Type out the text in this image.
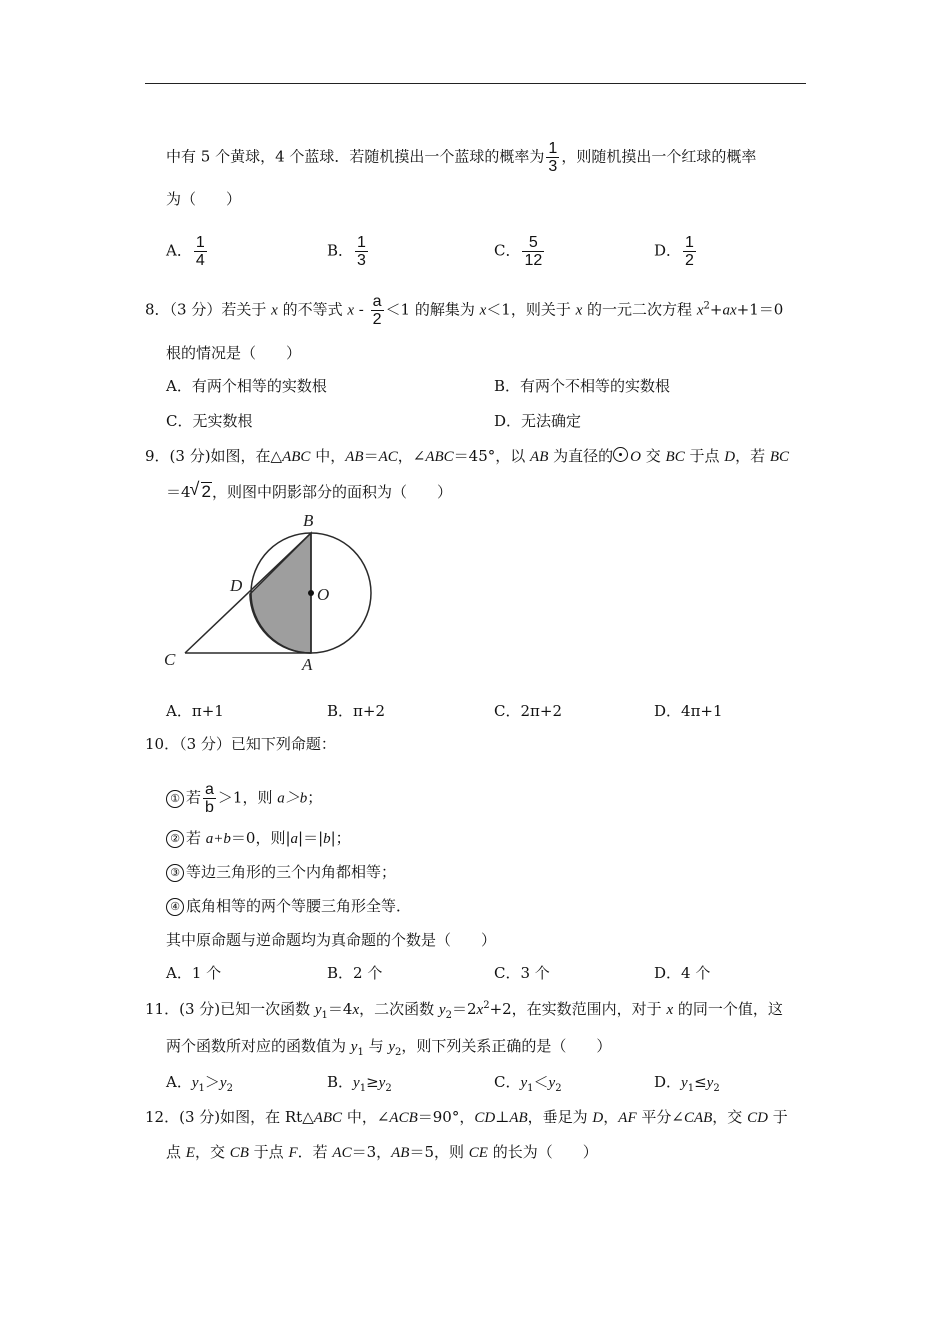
中有 5 个黄球，4 个蓝球．若随机摸出一个蓝球的概率为 $\frac{1}{3}$ ，则随机摸出一个红球的概率
为（　　）
A． $\frac{1}{4}$	B． $\frac{1}{3}$	C． $\frac{5}{12}$	D． $\frac{1}{2}$
8．（3 分）若关于 x 的不等式 $x - \frac{a}{2} <1$ 的解集为 x＜1，则关于 x 的一元二次方程 $x^2+ax+1=0$
根的情况是（　　）
A．有两个相等的实数根	B．有两个不相等的实数根
C．无实数根	D．无法确定
9．(3 分)如图，在△ABC 中，AB＝AC，∠ABC＝45°，以 AB 为直径的 O 交 BC 于点 D，若 BC
＝4√ 2，则图中阴影部分的面积为（　　）
B
D	O
C	A
A．π+1	B．π+2	C．2π+2	D．4π+1
10．（3 分）已知下列命题：
① 若 $\frac{a}{b} >1$，则 a＞b；
② 若 a+b＝0，则|a|＝|b|；
③ 等边三角形的三个内角都相等；
④ 底角相等的两个等腰三角形全等．
其中原命题与逆命题均为真命题的个数是（　　）
A．1 个	B．2 个	C．3 个	D．4 个
11．(3 分)已知一次函数 $y_1=4x$，二次函数 $y_2=2x^2+2$，在实数范围内，对于 x 的同一个值，这
两个函数所对应的函数值为 $y_1$ 与 $y_2$，则下列关系正确的是（　　）
A．$y_1>y_2$	B．$y_1\ge y_2$	C．$y_1<y_2$	D．$y_1\le y_2$
12．(3 分)如图，在 Rt△ABC 中，∠ACB＝90°，CD⊥AB，垂足为 D，AF 平分∠CAB，交 CD 于
点 E，交 CB 于点 F．若 AC＝3，AB＝5，则 CE 的长为（　　）
